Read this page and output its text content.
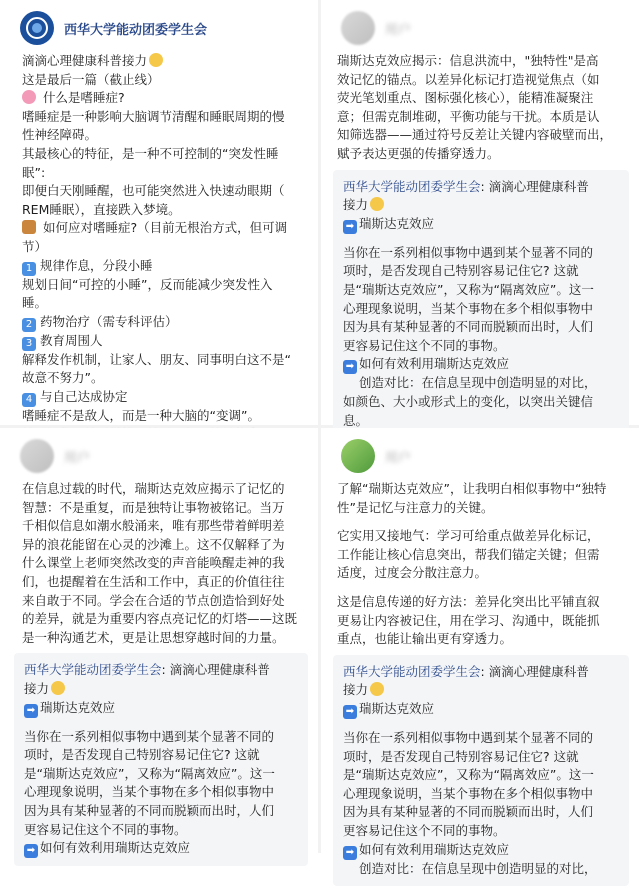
西华大学能动团委学生会

滴滴心理健康科普接力

这是最后一篇（截止线）

什么是嗜睡症?

嗜睡症是一种影响大脑调节清醒和睡眠周期的慢

性神经障碍。

其最核心的特征，是一种不可控制的“突发性睡

眠”:

即便白天刚睡醒，也可能突然进入快速动眼期（

REM睡眠），直接跌入梦境。

如何应对嗜睡症?（目前无根治方式，但可调

节）

1 规律作息，分段小睡

规划日间“可控的小睡”，反而能减少突发性入

睡。

2 药物治疗（需专科评估）

3 教育周围人

解释发作机制，让家人、朋友、同事明白这不是“

故意不努力”。

4 与自己达成协定

嗜睡症不是敌人，而是一种大脑的“变调”。

用户

瑞斯达克效应揭示：信息洪流中，"独特性"是高

效记忆的锚点。以差异化标记打造视觉焦点（如

荧光笔划重点、图标强化核心），能精准凝聚注

意；但需克制堆砌，平衡功能与干扰。本质是认

知筛选器——通过符号反差让关键内容破壁而出，

赋予表达更强的传播穿透力。

西华大学能动团委学生会: 滴滴心理健康科普

接力

➡ 瑞斯达克效应

当你在一系列相似事物中遇到某个显著不同的

项时，是否发现自己特别容易记住它? 这就

是“瑞斯达克效应”，又称为“隔离效应”。这一

心理现象说明，当某个事物在多个相似事物中

因为具有某种显著的不同而脱颖而出时，人们

更容易记住这个不同的事物。

➡ 如何有效利用瑞斯达克效应

创造对比：在信息呈现中创造明显的对比，

如颜色、大小或形式上的变化，以突出关键信

息。

用户

在信息过载的时代，瑞斯达克效应揭示了记忆的

智慧：不是重复，而是独特让事物被铭记。当万

千相似信息如潮水般涌来，唯有那些带着鲜明差

异的浪花能留在心灵的沙滩上。这不仅解释了为

什么课堂上老师突然改变的声音能唤醒走神的我

们，也提醒着在生活和工作中，真正的价值往往

来自敢于不同。学会在合适的节点创造恰到好处

的差异，就是为重要内容点亮记忆的灯塔——这既

是一种沟通艺术，更是让思想穿越时间的力量。

西华大学能动团委学生会: 滴滴心理健康科普

接力

➡ 瑞斯达克效应

当你在一系列相似事物中遇到某个显著不同的

项时，是否发现自己特别容易记住它? 这就

是“瑞斯达克效应”，又称为“隔离效应”。这一

心理现象说明，当某个事物在多个相似事物中

因为具有某种显著的不同而脱颖而出时，人们

更容易记住这个不同的事物。

➡ 如何有效利用瑞斯达克效应

用户

了解“瑞斯达克效应”，让我明白相似事物中“独特

性”是记忆与注意力的关键。

它实用又接地气：学习可给重点做差异化标记，

工作能让核心信息突出，帮我们锚定关键；但需

适度，过度会分散注意力。

这是信息传递的好方法：差异化突出比平铺直叙

更易让内容被记住，用在学习、沟通中，既能抓

重点，也能让输出更有穿透力。

西华大学能动团委学生会: 滴滴心理健康科普

接力

➡ 瑞斯达克效应

当你在一系列相似事物中遇到某个显著不同的

项时，是否发现自己特别容易记住它? 这就

是“瑞斯达克效应”，又称为“隔离效应”。这一

心理现象说明，当某个事物在多个相似事物中

因为具有某种显著的不同而脱颖而出时，人们

更容易记住这个不同的事物。

➡ 如何有效利用瑞斯达克效应

创造对比：在信息呈现中创造明显的对比，
